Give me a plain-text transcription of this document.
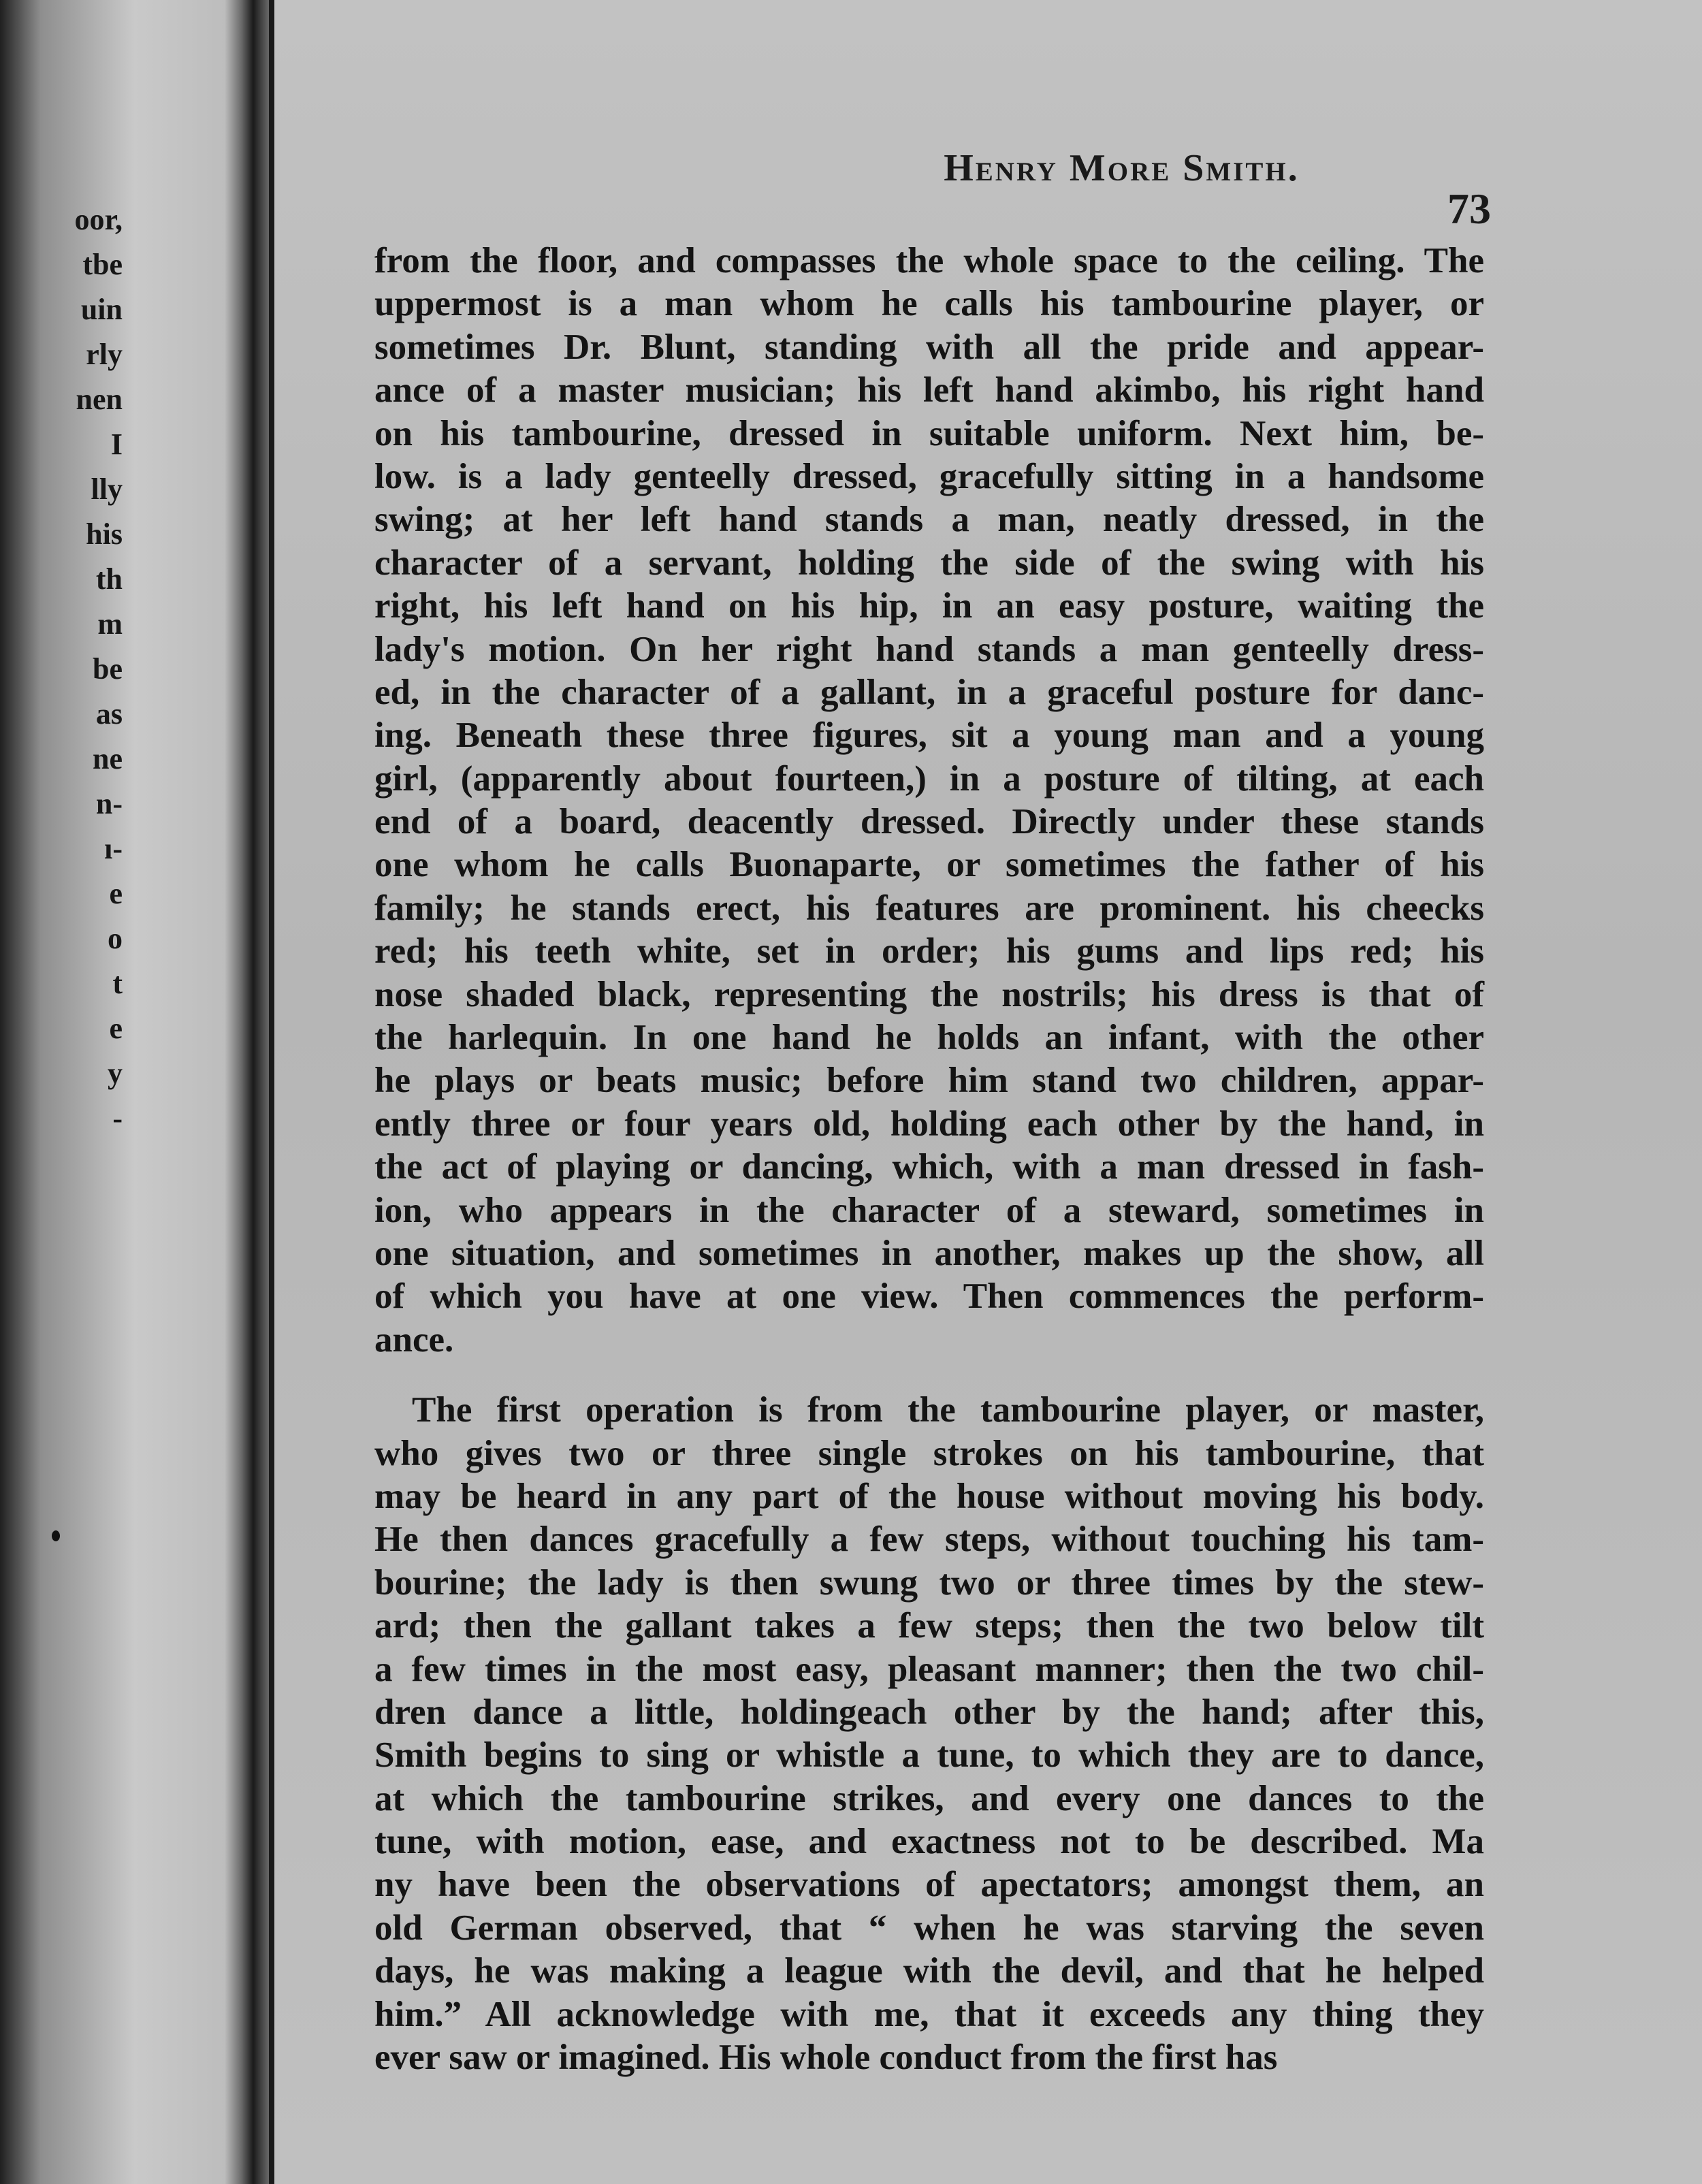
oor,
tbe
uin
rly
nen
I
lly
his
th
m
be
as
ne
n-
ı-
e
o
t
e
y
-
Henry More Smith.
73
from the floor, and compasses the whole space to the ceiling. The
uppermost is a man whom he calls his tambourine player, or
sometimes Dr. Blunt, standing with all the pride and appear-
ance of a master musician; his left hand akimbo, his right hand
on his tambourine, dressed in suitable uniform. Next him, be-
low. is a lady genteelly dressed, gracefully sitting in a handsome
swing; at her left hand stands a man, neatly dressed, in the
character of a servant, holding the side of the swing with his
right, his left hand on his hip, in an easy posture, waiting the
lady's motion. On her right hand stands a man genteelly dress-
ed, in the character of a gallant, in a graceful posture for danc-
ing. Beneath these three figures, sit a young man and a young
girl, (apparently about fourteen,) in a posture of tilting, at each
end of a board, deacently dressed. Directly under these stands
one whom he calls Buonaparte, or sometimes the father of his
family; he stands erect, his features are prominent. his cheecks
red; his teeth white, set in order; his gums and lips red; his
nose shaded black, representing the nostrils; his dress is that of
the harlequin. In one hand he holds an infant, with the other
he plays or beats music; before him stand two children, appar-
ently three or four years old, holding each other by the hand, in
the act of playing or dancing, which, with a man dressed in fash-
ion, who appears in the character of a steward, sometimes in
one situation, and sometimes in another, makes up the show, all
of which you have at one view. Then commences the perform-
ance.
The first operation is from the tambourine player, or master,
who gives two or three single strokes on his tambourine, that
may be heard in any part of the house without moving his body.
He then dances gracefully a few steps, without touching his tam-
bourine; the lady is then swung two or three times by the stew-
ard; then the gallant takes a few steps; then the two below tilt
a few times in the most easy, pleasant manner; then the two chil-
dren dance a little, holdingeach other by the hand; after this,
Smith begins to sing or whistle a tune, to which they are to dance,
at which the tambourine strikes, and every one dances to the
tune, with motion, ease, and exactness not to be described. Ma
ny have been the observations of apectators; amongst them, an
old German observed, that “ when he was starving the seven
days, he was making a league with the devil, and that he helped
him.” All acknowledge with me, that it exceeds any thing they
ever saw or imagined. His whole conduct from the first has
